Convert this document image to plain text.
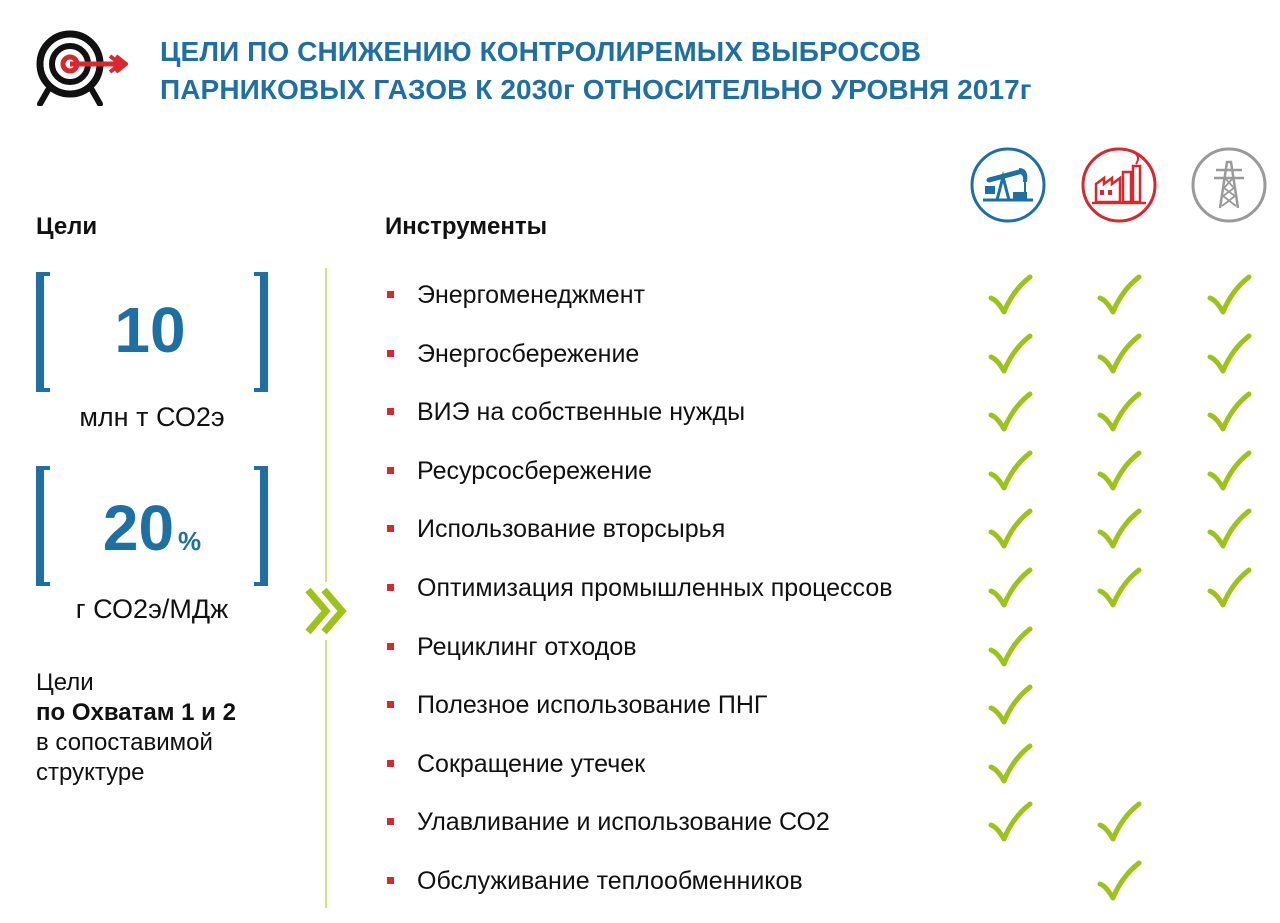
ЦЕЛИ ПО СНИЖЕНИЮ КОНТРОЛИРЕМЫХ ВЫБРОСОВ
ПАРНИКОВЫХ ГАЗОВ К 2030г ОТНОСИТЕЛЬНО УРОВНЯ 2017г
Цели	Инструменты
10
млн т СО2э
20 %
г СО2э/МДж
Цели
по Охватам 1 и 2
в сопоставимой
структуре
Энергоменеджмент
Энергосбережение
ВИЭ на собственные нужды
Ресурсосбережение
Использование вторсырья
Оптимизация промышленных процессов
Рециклинг отходов
Полезное использование ПНГ
Сокращение утечек
Улавливание и использование СО2
Обслуживание теплообменников
